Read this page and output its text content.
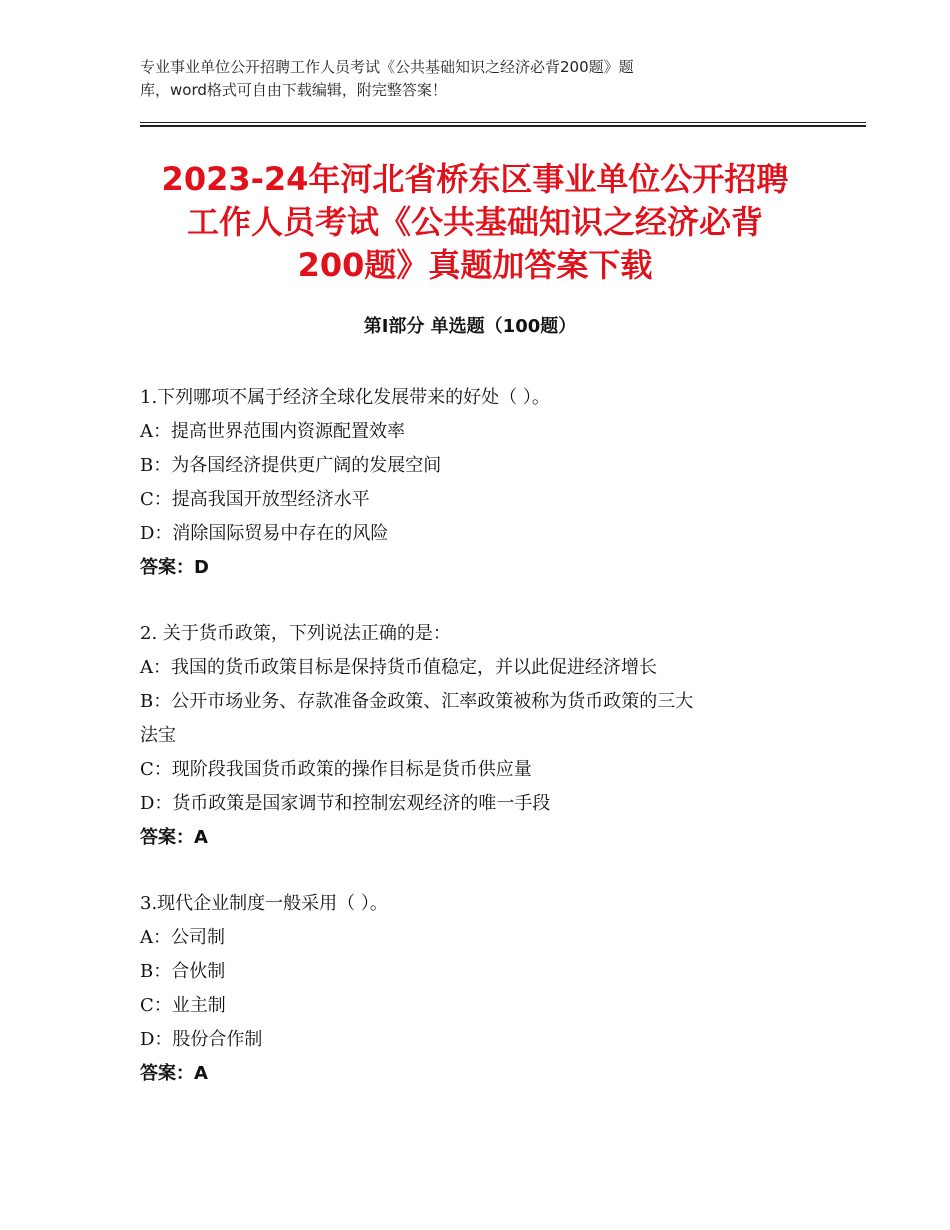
专业事业单位公开招聘工作人员考试《公共基础知识之经济必背200题》题

库，word格式可自由下载编辑，附完整答案！

2023-24年河北省桥东区事业单位公开招聘
工作人员考试《公共基础知识之经济必背
200题》真题加答案下载
第Ⅰ部分 单选题（100题）

1.下列哪项不属于经济全球化发展带来的好处（ ）。

A：提高世界范围内资源配置效率

B：为各国经济提供更广阔的发展空间

C：提高我国开放型经济水平

D：消除国际贸易中存在的风险

答案：D

2. 关于货币政策，下列说法正确的是：

A：我国的货币政策目标是保持货币值稳定，并以此促进经济增长

B：公开市场业务、存款准备金政策、汇率政策被称为货币政策的三大

法宝

C：现阶段我国货币政策的操作目标是货币供应量

D：货币政策是国家调节和控制宏观经济的唯一手段

答案：A

3.现代企业制度一般采用（ ）。

A：公司制

B：合伙制

C：业主制

D：股份合作制

答案：A
